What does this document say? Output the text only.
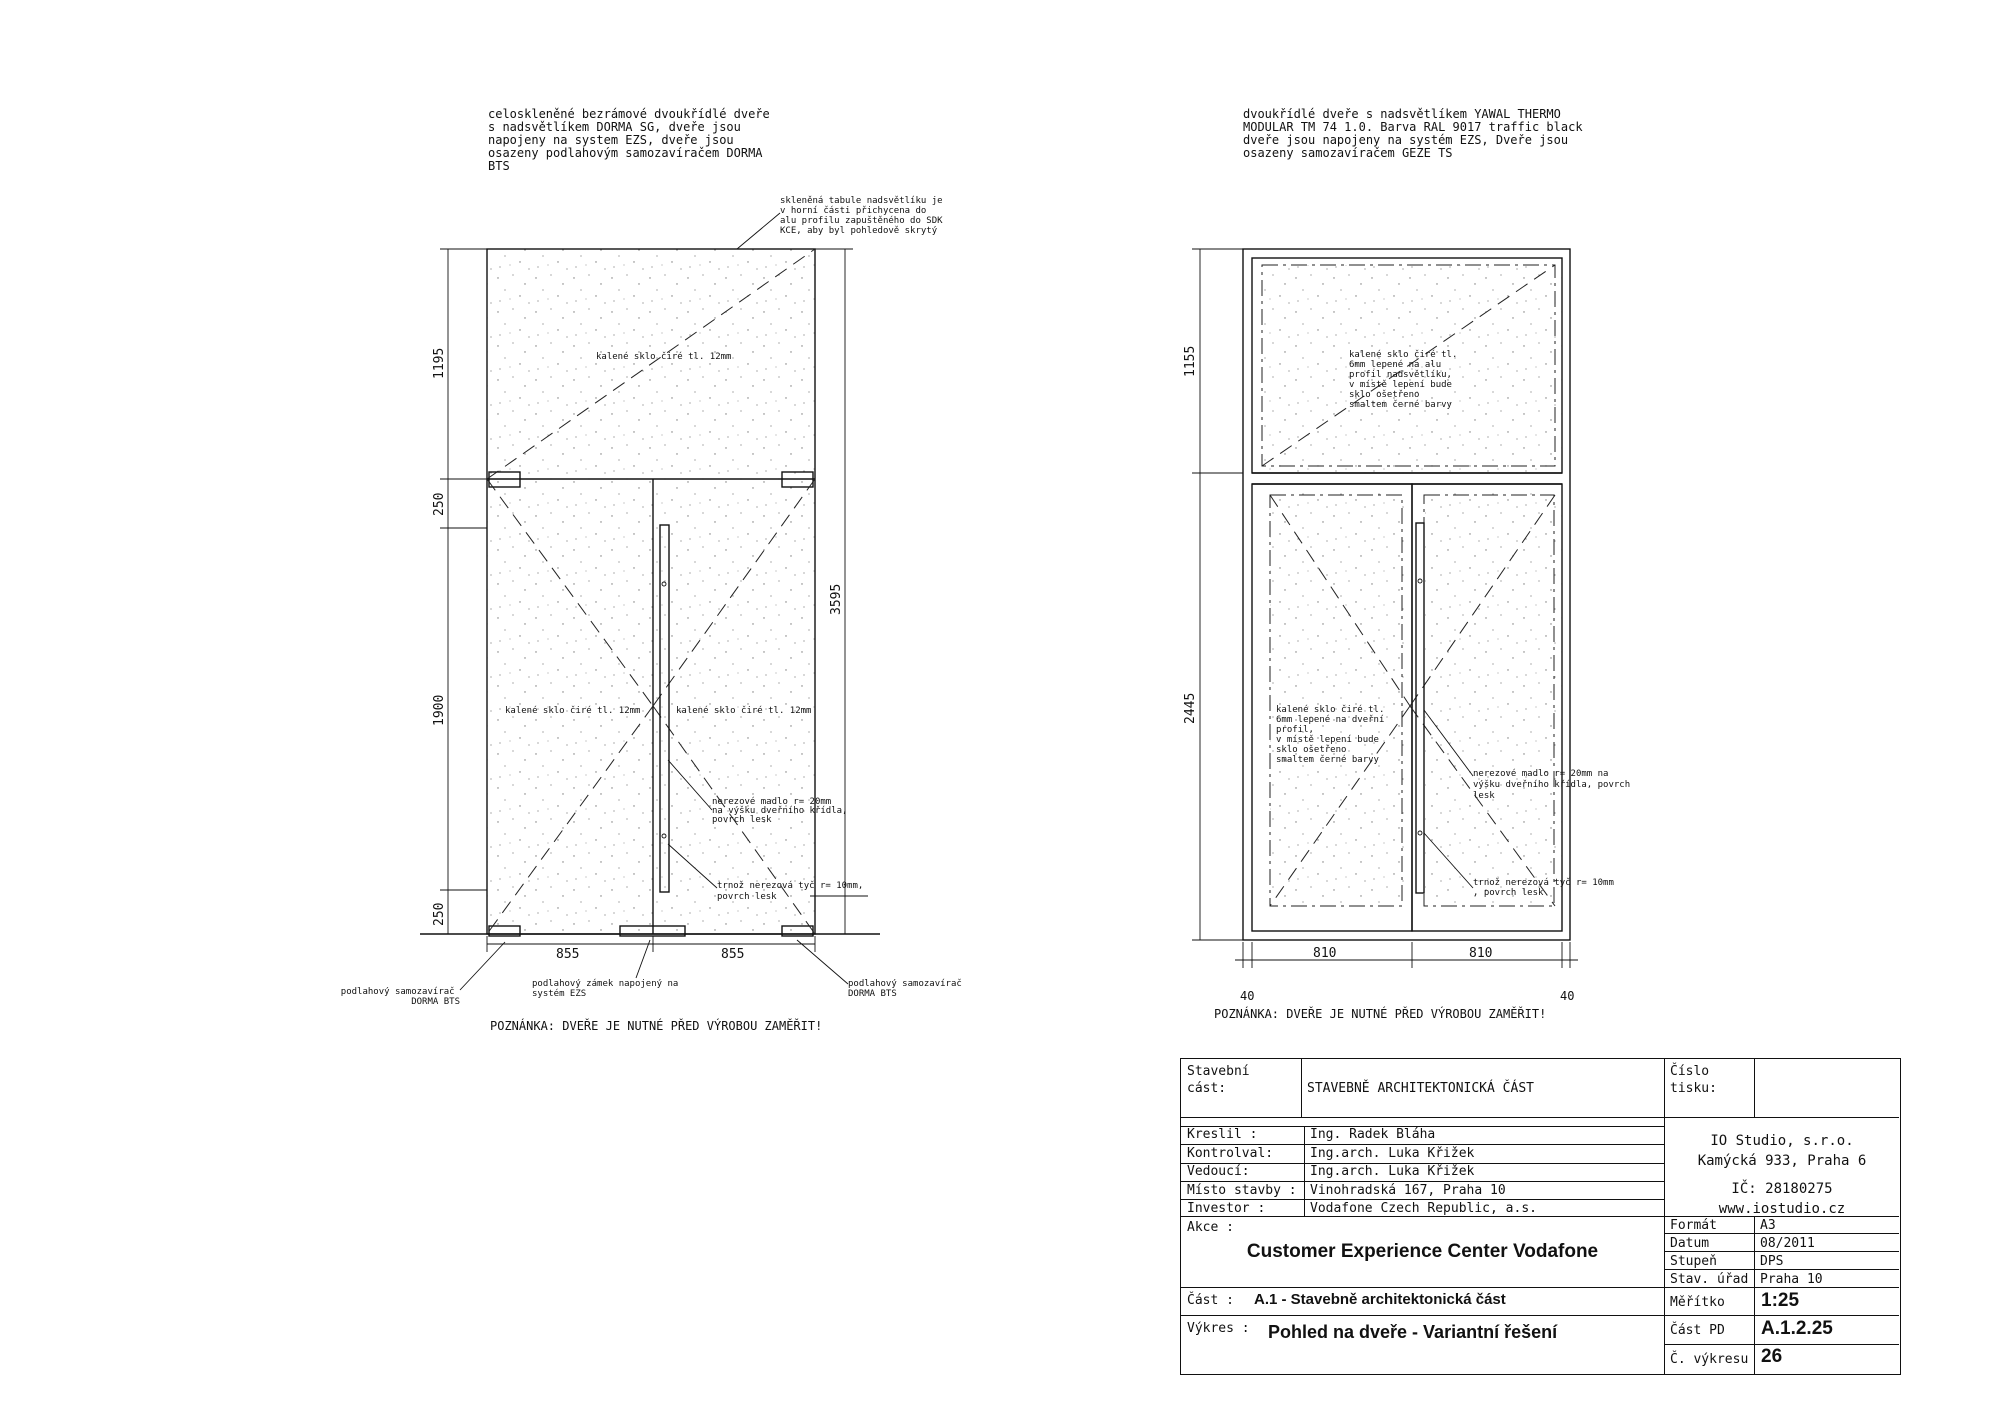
celoskleněné bezrámové dvoukřídlé dveře s nadsvětlíkem DORMA SG, dveře jsou napojeny na system EZS, dveře jsou osazeny podlahovým samozavíračem DORMA BTS
skleněná tabule nadsvětlíku je v horní části přichycena do alu profilu zapuštěného do SDK KCE, aby byl pohledově skrytý
kalené sklo čiré tl. 12mm
kalené sklo čiré tl. 12mm	kalené sklo čiré tl. 12mm
nerezové madlo r= 20mm na výšku dveřního křídla, povrch lesk
trnož nerezová tyč r= 10mm, povrch lesk
1195
250
1900
250
3595
855	855
podlahový samozavírač DORMA BTS
podlahový zámek napojený na systém EZS
podlahový samozavírač DORMA BTS
POZNÁNKA: DVEŘE JE NUTNÉ PŘED VÝROBOU ZAMĚŘIT!
dvoukřídlé dveře s nadsvětlíkem YAWAL THERMO MODULAR TM 74 1.0. Barva RAL 9017 traffic black dveře jsou napojeny na systém EZS, Dveře jsou osazeny samozavíračem GEZE TS
kalené sklo čiré tl. 6mm lepené na alu profil nadsvětlíku, v místě lepení bude sklo ošetřeno smaltem černé barvy
kalené sklo čiré tl. 6mm lepené na dveřní profil, v místě lepení bude sklo ošetřeno smaltem černé barvy
nerezové madlo r= 20mm na výšku dveřního křídla, povrch lesk
trnož nerezová tyč r= 10mm , povrch lesk
1155
2445
810	810
40	40
POZNÁNKA: DVEŘE JE NUTNÉ PŘED VÝROBOU ZAMĚŘIT!
Stavební
cást:	STAVEBNĚ ARCHITEKTONICKÁ ČÁST
Číslo
tisku:
Kreslil :	Ing. Radek Bláha
Kontrolval:	Ing.arch. Luka Křižek
Vedoucí:	Ing.arch. Luka Křižek
Místo stavby : Vinohradská 167, Praha 10
Investor :	Vodafone Czech Republic, a.s.
IO Studio, s.r.o.
Kamýcká 933, Praha 6
IČ: 28180275
www.iostudio.cz
Akce :
Customer Experience Center Vodafone
Formát	A3
Datum	08/2011
Stupeň	DPS
Stav. úřad Praha 10
Část : A.1 - Stavebně architektonická část
Výkres : Pohled na dveře - Variantní řešení
Měřítko 1:25
Část PD A.1.2.25
Č. výkresu 26
